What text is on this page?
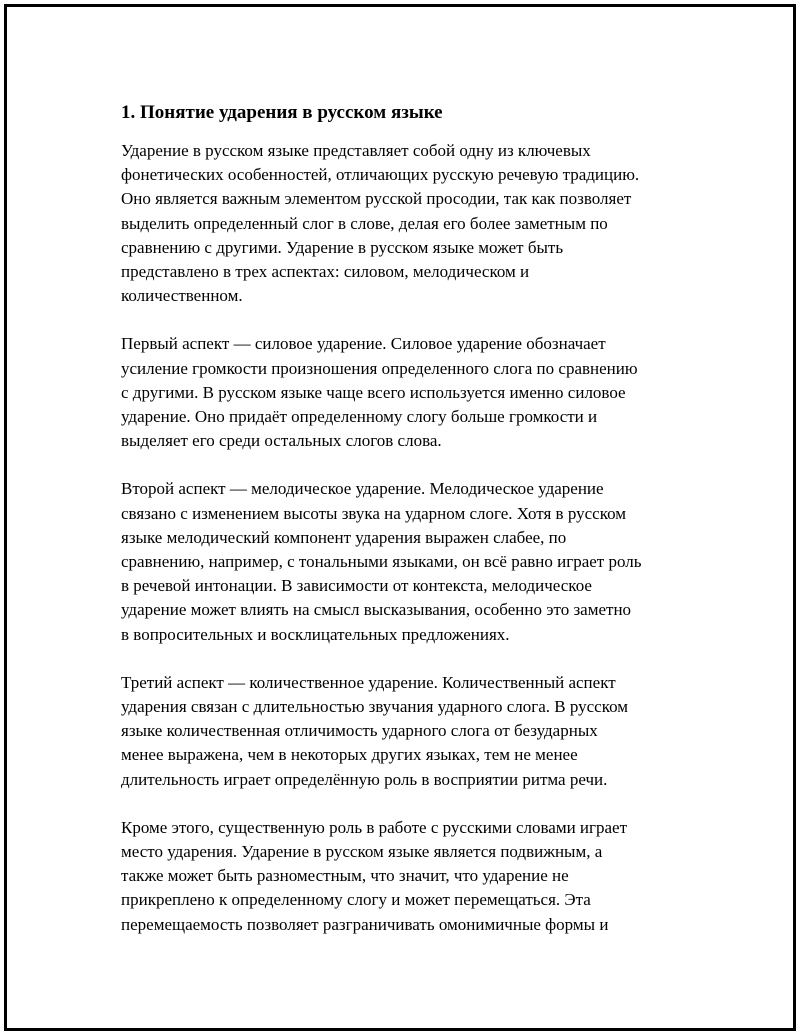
1. Понятие ударения в русском языке

Ударение в русском языке представляет собой одну из ключевых
фонетических особенностей, отличающих русскую речевую традицию.
Оно является важным элементом русской просодии, так как позволяет
выделить определенный слог в слове, делая его более заметным по
сравнению с другими. Ударение в русском языке может быть
представлено в трех аспектах: силовом, мелодическом и
количественном.

Первый аспект — силовое ударение. Силовое ударение обозначает
усиление громкости произношения определенного слога по сравнению
с другими. В русском языке чаще всего используется именно силовое
ударение. Оно придаёт определенному слогу больше громкости и
выделяет его среди остальных слогов слова.

Второй аспект — мелодическое ударение. Мелодическое ударение
связано с изменением высоты звука на ударном слоге. Хотя в русском
языке мелодический компонент ударения выражен слабее, по
сравнению, например, с тональными языками, он всё равно играет роль
в речевой интонации. В зависимости от контекста, мелодическое
ударение может влиять на смысл высказывания, особенно это заметно
в вопросительных и восклицательных предложениях.

Третий аспект — количественное ударение. Количественный аспект
ударения связан с длительностью звучания ударного слога. В русском
языке количественная отличимость ударного слога от безударных
менее выражена, чем в некоторых других языках, тем не менее
длительность играет определённую роль в восприятии ритма речи.

Кроме этого, существенную роль в работе с русскими словами играет
место ударения. Ударение в русском языке является подвижным, а
также может быть разноместным, что значит, что ударение не
прикреплено к определенному слогу и может перемещаться. Эта
перемещаемость позволяет разграничивать омонимичные формы и
